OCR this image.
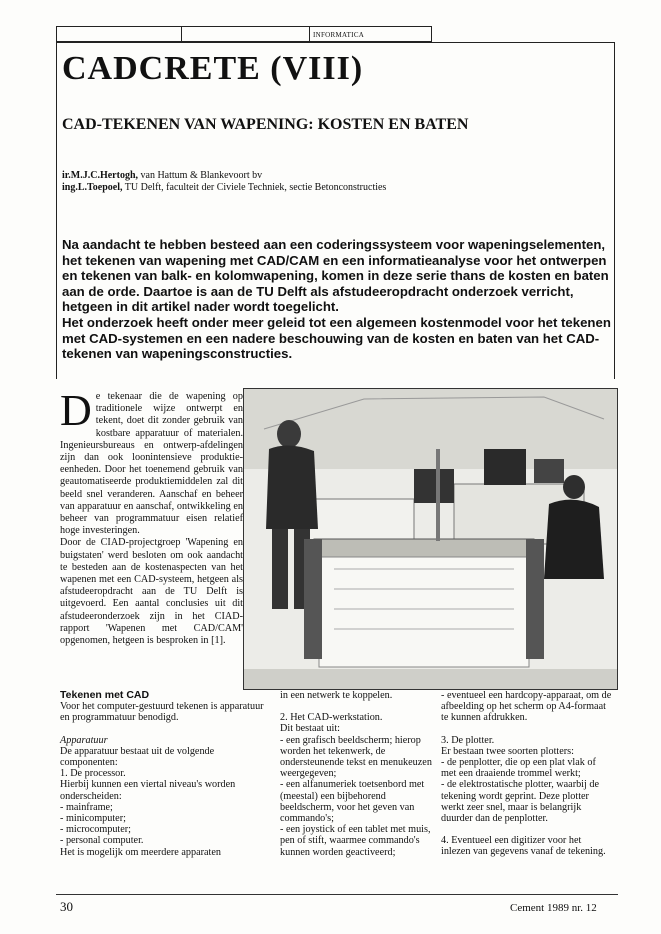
INFORMATICA
CADCRETE (VIII)
CAD-TEKENEN VAN WAPENING: KOSTEN EN BATEN
ir.M.J.C.Hertogh, van Hattum & Blankevoort bv
ing.L.Toepoel, TU Delft, faculteit der Civiele Techniek, sectie Betonconstructies

Na aandacht te hebben besteed aan een coderingssysteem voor wapeningselementen, het tekenen van wapening met CAD/CAM en een informatieanalyse voor het ontwerpen en tekenen van balk- en kolomwapening, komen in deze serie thans de kosten en baten aan de orde. Daartoe is aan de TU Delft als afstudeeropdracht onderzoek verricht, hetgeen in dit artikel nader wordt toegelicht.

Het onderzoek heeft onder meer geleid tot een algemeen kostenmodel voor het tekenen met CAD-systemen en een nadere beschouwing van de kosten en baten van het CAD-tekenen van wapeningsconstructies.

De tekenaar die de wapening op traditionele wijze ontwerpt en tekent, doet dit zonder gebruik van kostbare apparatuur of materialen. Ingenieursbureaus en ontwerp-afdelingen zijn dan ook loonintensieve produktie-eenheden. Door het toenemend gebruik van geautomatiseerde produktiemiddelen zal dit beeld snel veranderen. Aanschaf en beheer van apparatuur en aanschaf, ontwikkeling en beheer van programmatuur eisen relatief hoge investeringen.

Door de CIAD-projectgroep 'Wapening en buigstaten' werd besloten om ook aandacht te besteden aan de kostenaspecten van het wapenen met een CAD-systeem, hetgeen als afstudeeropdracht aan de TU Delft is uitgevoerd. Een aantal conclusies uit dit afstudeeronderzoek zijn in het CIAD-rapport 'Wapenen met CAD/CAM' opgenomen, hetgeen is besproken in [1].

Tekenen met CAD

Voor het computer-gestuurd tekenen is apparatuur en programmatuur benodigd.

Apparatuur

De apparatuur bestaat uit de volgende componenten:

1. De processor.

Hierbij kunnen een viertal niveau's worden onderscheiden:

- mainframe;

- minicomputer;

- microcomputer;

- personal computer.

Het is mogelijk om meerdere apparaten

in een netwerk te koppelen.

2. Het CAD-werkstation.

Dit bestaat uit:

- een grafisch beeldscherm; hierop worden het tekenwerk, de ondersteunende tekst en menukeuzen weergegeven;

- een alfanumeriek toetsenbord met (meestal) een bijbehorend beeldscherm, voor het geven van commando's;

- een joystick of een tablet met muis, pen of stift, waarmee commando's kunnen worden geactiveerd;

- eventueel een hardcopy-apparaat, om de afbeelding op het scherm op A4-formaat te kunnen afdrukken.

3. De plotter.

Er bestaan twee soorten plotters:

- de penplotter, die op een plat vlak of met een draaiende trommel werkt;

- de elektrostatische plotter, waarbij de tekening wordt geprint. Deze plotter werkt zeer snel, maar is belangrijk duurder dan de penplotter.

4. Eventueel een digitizer voor het inlezen van gegevens vanaf de tekening.

30	Cement 1989 nr. 12
